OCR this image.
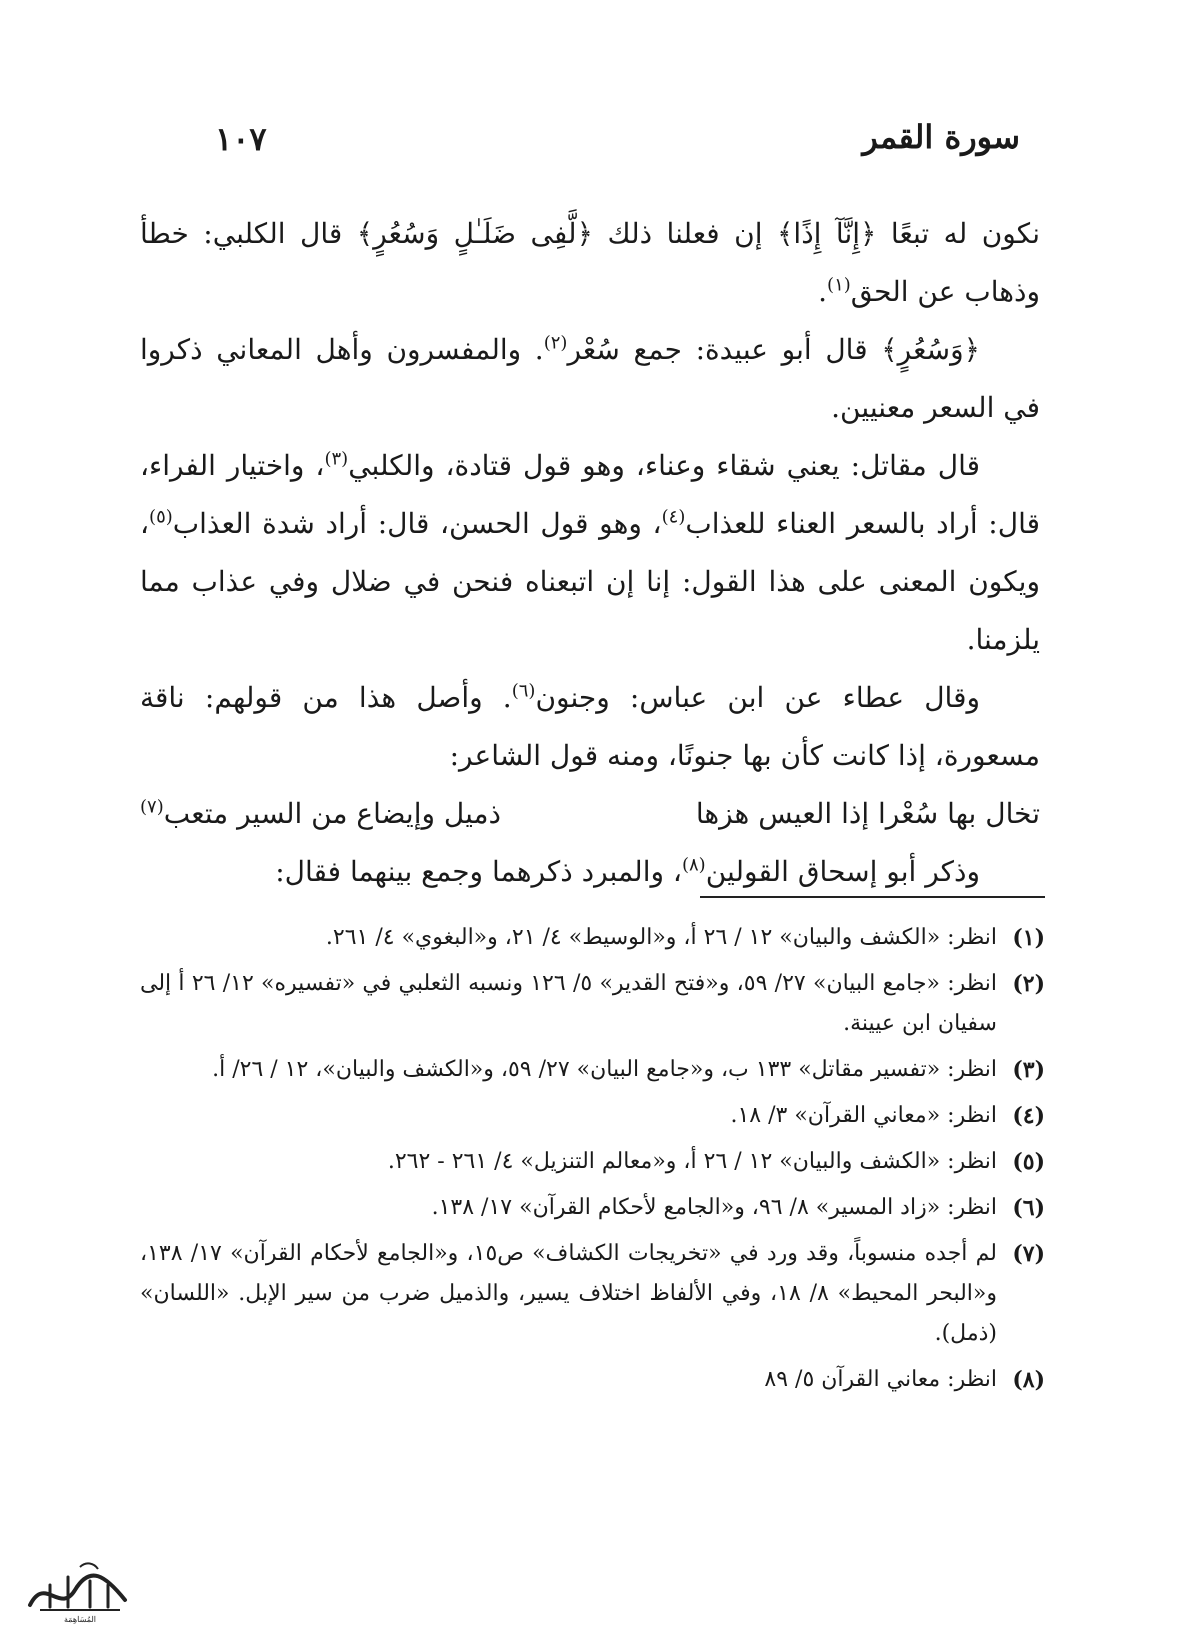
سورة القمر
١٠٧

نكون له تبعًا ﴿إِنَّآ إِذًا﴾ إن فعلنا ذلك ﴿لَّفِى ضَلَـٰلٍ وَسُعُرٍ﴾ قال الكلبي: خطأ وذهاب عن الحق$^{(١)}$.

﴿وَسُعُرٍ﴾ قال أبو عبيدة: جمع سُعْر$^{(٢)}$. والمفسرون وأهل المعاني ذكروا في السعر معنيين.

قال مقاتل: يعني شقاء وعناء، وهو قول قتادة، والكلبي$^{(٣)}$، واختيار الفراء، قال: أراد بالسعر العناء للعذاب$^{(٤)}$، وهو قول الحسن، قال: أراد شدة العذاب$^{(٥)}$، ويكون المعنى على هذا القول: إنا إن اتبعناه فنحن في ضلال وفي عذاب مما يلزمنا.

وقال عطاء عن ابن عباس: وجنون$^{(٦)}$. وأصل هذا من قولهم: ناقة مسعورة، إذا كانت كأن بها جنونًا، ومنه قول الشاعر:

تخال بها سُعْرا إذا العيس هزها
ذميل وإيضاع من السير متعب$^{(٧)}$

وذكر أبو إسحاق القولين$^{(٨)}$، والمبرد ذكرهما وجمع بينهما فقال:

(١)
انظر: «الكشف والبيان» ١٢ / ٢٦ أ، و«الوسيط» ٤/ ٢١، و«البغوي» ٤/ ٢٦١.
(٢)
انظر: «جامع البيان» ٢٧/ ٥٩، و«فتح القدير» ٥/ ١٢٦ ونسبه الثعلبي في «تفسيره» ١٢/ ٢٦ أ إلى سفيان ابن عيينة.
(٣)
انظر: «تفسير مقاتل» ١٣٣ ب، و«جامع البيان» ٢٧/ ٥٩، و«الكشف والبيان»، ١٢ / ٢٦/ أ.
(٤)
انظر: «معاني القرآن» ٣/ ١٨.
(٥)
انظر: «الكشف والبيان» ١٢ / ٢٦ أ، و«معالم التنزيل» ٤/ ٢٦١ - ٢٦٢.
(٦)
انظر: «زاد المسير» ٨/ ٩٦، و«الجامع لأحكام القرآن» ١٧/ ١٣٨.
(٧)
لم أجده منسوباً، وقد ورد في «تخريجات الكشاف» ص١٥، و«الجامع لأحكام القرآن» ١٧/ ١٣٨، و«البحر المحيط» ٨/ ١٨، وفي الألفاظ اختلاف يسير، والذميل ضرب من سير الإبل. «اللسان» (ذمل).
(٨)
انظر: معاني القرآن ٥/ ٨٩
المُسَاهِمَة
